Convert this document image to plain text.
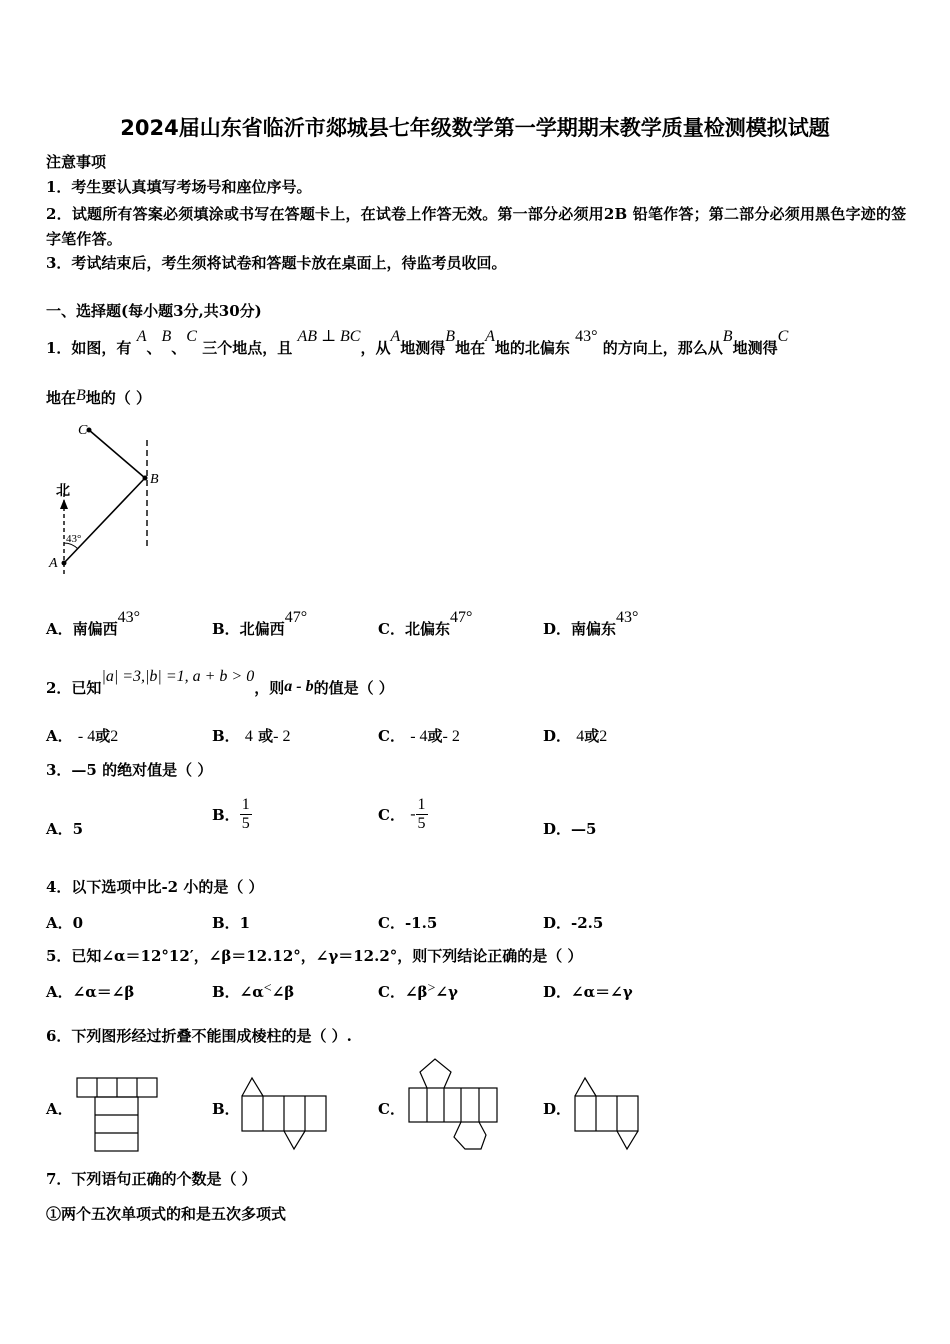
2024届山东省临沂市郯城县七年级数学第一学期期末教学质量检测模拟试题
注意事项
1．考生要认真填写考场号和座位序号。
2．试题所有答案必须填涂或书写在答题卡上，在试卷上作答无效。第一部分必须用2B 铅笔作答；第二部分必须用黑色字迹的签字笔作答。
3．考试结束后，考生须将试卷和答题卡放在桌面上，待监考员收回。
一、选择题(每小题3分,共30分)
1．如图，有 A、B、C 三个地点，且 AB ⊥ BC，从A地测得B地在A地的北偏东 43° 的方向上，那么从B地测得C
地在B地的（ ）
C
B
A
北
43°
A．南偏西43°
B．北偏西47°
C．北偏东47°
D．南偏东43°
2．已知|a| =3,|b| =1, a + b > 0，则a - b的值是（ ）
A． - 4或2	B． 4 或- 2	C． - 4或- 2	D． 4或2
3．—5 的绝对值是（ ）
A．5
B． $\frac{1}{5}$	C． - $\frac{1}{5}$	D．—5
4．以下选项中比-2 小的是（ ）
A．0	B．1	C．-1.5	D．-2.5
5．已知∠α＝12°12′，∠β＝12.12°，∠γ＝12.2°，则下列结论正确的是（ ）
A．∠α＝∠β	B．∠α<∠β	C．∠β>∠γ	D．∠α＝∠γ
6．下列图形经过折叠不能围成棱柱的是（ ）.
A．	B．	C．	D．
7．下列语句正确的个数是（ ）
①两个五次单项式的和是五次多项式
